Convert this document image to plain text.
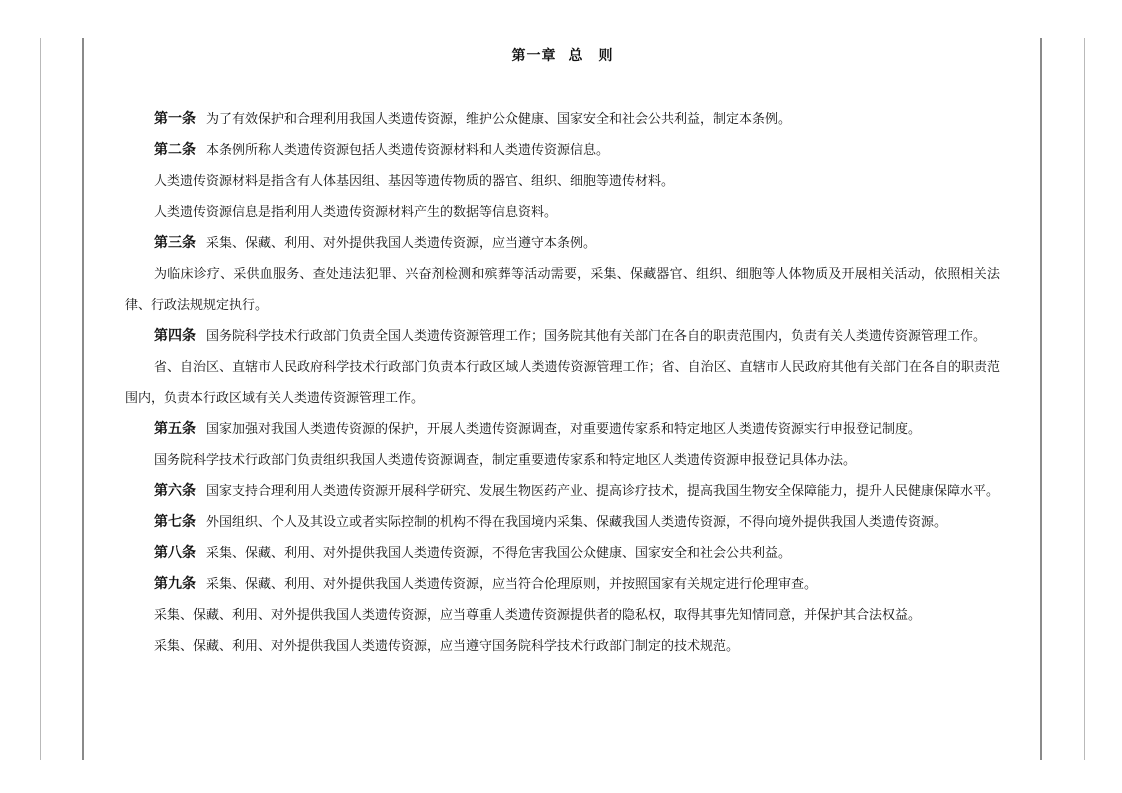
第一章 总　则

第一条 为了有效保护和合理利用我国人类遗传资源，维护公众健康、国家安全和社会公共利益，制定本条例。

第二条 本条例所称人类遗传资源包括人类遗传资源材料和人类遗传资源信息。

人类遗传资源材料是指含有人体基因组、基因等遗传物质的器官、组织、细胞等遗传材料。

人类遗传资源信息是指利用人类遗传资源材料产生的数据等信息资料。

第三条 采集、保藏、利用、对外提供我国人类遗传资源，应当遵守本条例。

为临床诊疗、采供血服务、查处违法犯罪、兴奋剂检测和殡葬等活动需要，采集、保藏器官、组织、细胞等人体物质及开展相关活动，依照相关法律、行政法规规定执行。

第四条 国务院科学技术行政部门负责全国人类遗传资源管理工作；国务院其他有关部门在各自的职责范围内，负责有关人类遗传资源管理工作。

省、自治区、直辖市人民政府科学技术行政部门负责本行政区域人类遗传资源管理工作；省、自治区、直辖市人民政府其他有关部门在各自的职责范围内，负责本行政区域有关人类遗传资源管理工作。

第五条 国家加强对我国人类遗传资源的保护，开展人类遗传资源调查，对重要遗传家系和特定地区人类遗传资源实行申报登记制度。

国务院科学技术行政部门负责组织我国人类遗传资源调查，制定重要遗传家系和特定地区人类遗传资源申报登记具体办法。

第六条 国家支持合理利用人类遗传资源开展科学研究、发展生物医药产业、提高诊疗技术，提高我国生物安全保障能力，提升人民健康保障水平。

第七条 外国组织、个人及其设立或者实际控制的机构不得在我国境内采集、保藏我国人类遗传资源，不得向境外提供我国人类遗传资源。

第八条 采集、保藏、利用、对外提供我国人类遗传资源，不得危害我国公众健康、国家安全和社会公共利益。

第九条 采集、保藏、利用、对外提供我国人类遗传资源，应当符合伦理原则，并按照国家有关规定进行伦理审查。

采集、保藏、利用、对外提供我国人类遗传资源，应当尊重人类遗传资源提供者的隐私权，取得其事先知情同意，并保护其合法权益。

采集、保藏、利用、对外提供我国人类遗传资源，应当遵守国务院科学技术行政部门制定的技术规范。
